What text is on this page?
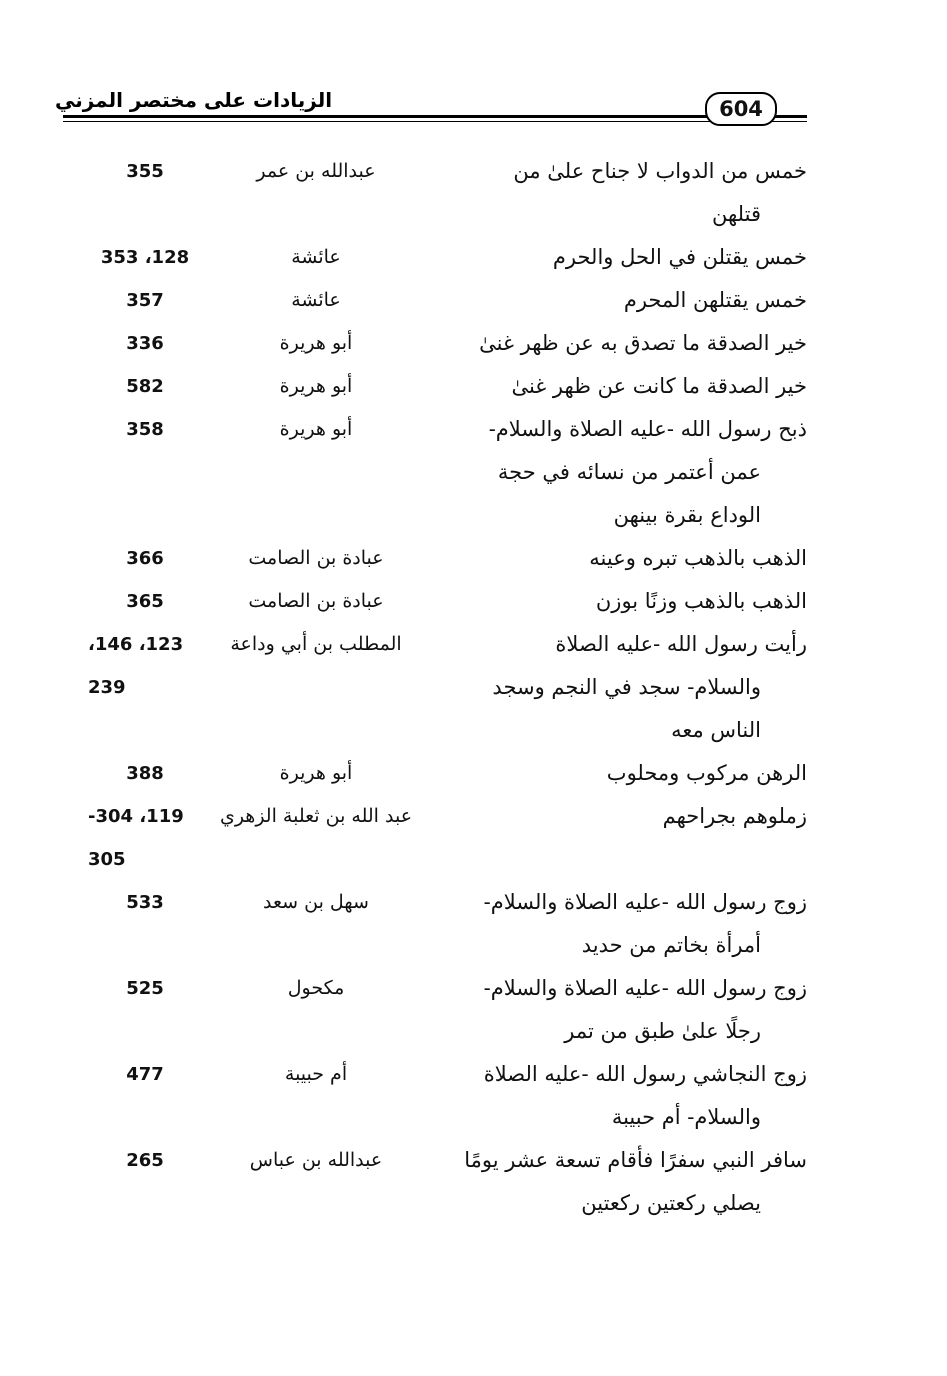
الزيادات على مختصر المزني	604
خمس من الدواب لا جناح علىٰ من

قتلهن
عبدالله بن عمر
355
خمس يقتلن في الحل والحرم

عائشة
128، 353
خمس يقتلهن المحرم

عائشة
357
خير الصدقة ما تصدق به عن ظهر غنىٰ

أبو هريرة
336
خير الصدقة ما كانت عن ظهر غنىٰ

أبو هريرة
582
ذبح رسول الله -عليه الصلاة والسلام-

عمن أعتمر من نسائه في حجة
الوداع بقرة بينهن
أبو هريرة
358
الذهب بالذهب تبره وعينه

عبادة بن الصامت
366
الذهب بالذهب وزنًا بوزن

عبادة بن الصامت
365
رأيت رسول الله -عليه الصلاة

والسلام- سجد في النجم وسجد
الناس معه
المطلب بن أبي وداعة
123، 146،
239
الرهن مركوب ومحلوب

أبو هريرة
388
زملوهم بجراحهم

عبد الله بن ثعلبة الزهري
119، 304-
305
زوج رسول الله -عليه الصلاة والسلام-

أمرأة بخاتم من حديد
سهل بن سعد
533
زوج رسول الله -عليه الصلاة والسلام-

رجلًا علىٰ طبق من تمر
مكحول
525
زوج النجاشي رسول الله -عليه الصلاة

والسلام- أم حبيبة
أم حبيبة
477
سافر النبي سفرًا فأقام تسعة عشر يومًا

يصلي ركعتين ركعتين
عبدالله بن عباس
265
